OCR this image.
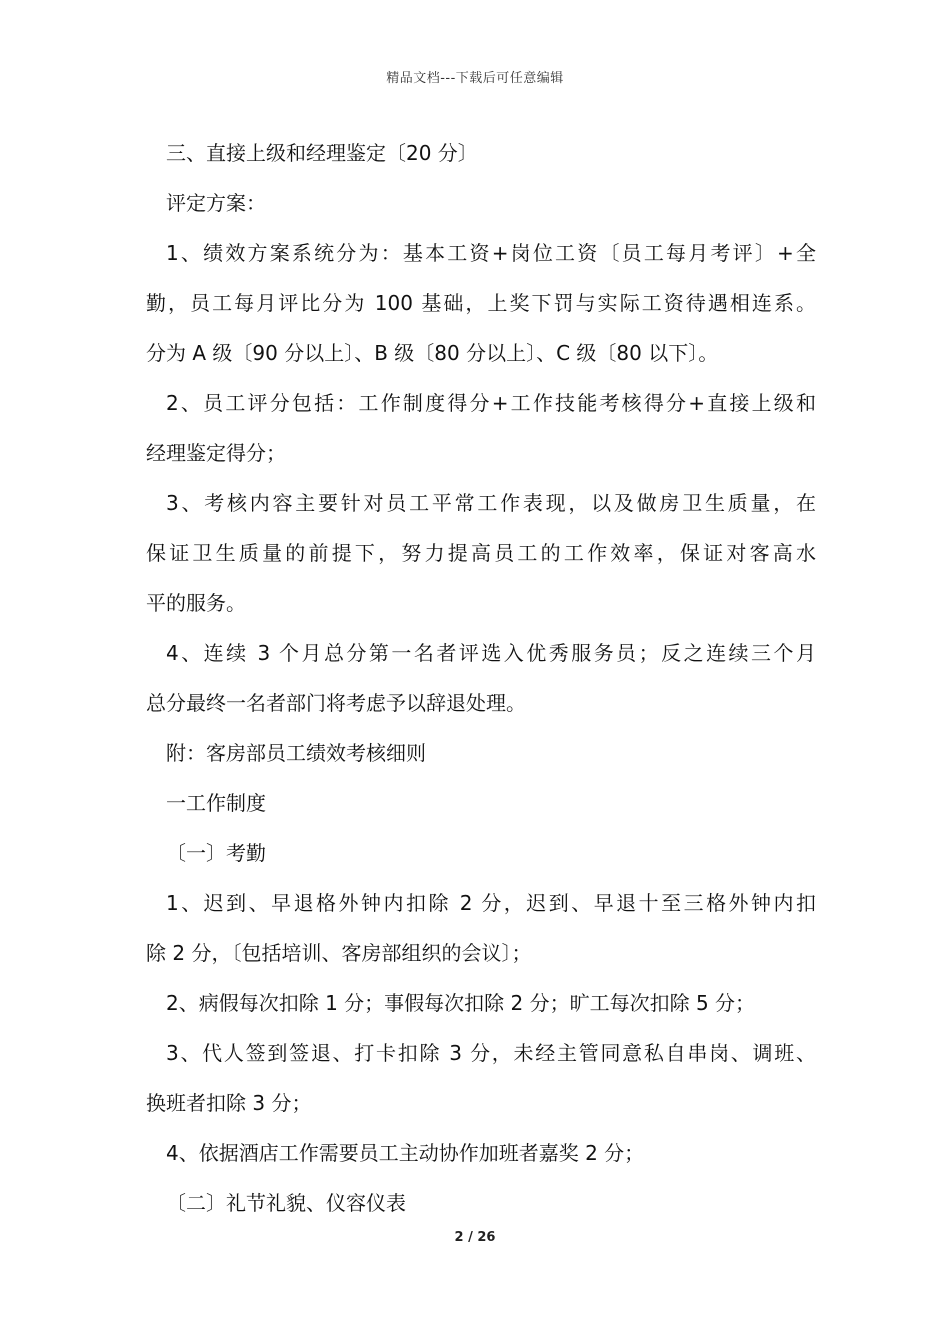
精品文档---下载后可任意编辑
三、直接上级和经理鉴定〔20 分〕
评定方案：
1、绩效方案系统分为：基本工资+岗位工资〔员工每月考评〕+全
勤，员工每月评比分为 100 基础，上奖下罚与实际工资待遇相连系。
分为 A 级〔90 分以上〕、B 级〔80 分以上〕、C 级〔80 以下〕。
2、员工评分包括：工作制度得分+工作技能考核得分+直接上级和
经理鉴定得分；
3、考核内容主要针对员工平常工作表现，以及做房卫生质量，在
保证卫生质量的前提下，努力提高员工的工作效率，保证对客高水
平的服务。
4、连续 3 个月总分第一名者评选入优秀服务员；反之连续三个月
总分最终一名者部门将考虑予以辞退处理。
附：客房部员工绩效考核细则
一工作制度
〔一〕考勤
1、迟到、早退格外钟内扣除 2 分，迟到、早退十至三格外钟内扣
除 2 分，〔包括培训、客房部组织的会议〕；
2、病假每次扣除 1 分；事假每次扣除 2 分；旷工每次扣除 5 分；
3、代人签到签退、打卡扣除 3 分，未经主管同意私自串岗、调班、
换班者扣除 3 分；
4、依据酒店工作需要员工主动协作加班者嘉奖 2 分；
〔二〕礼节礼貌、仪容仪表
2 / 26
